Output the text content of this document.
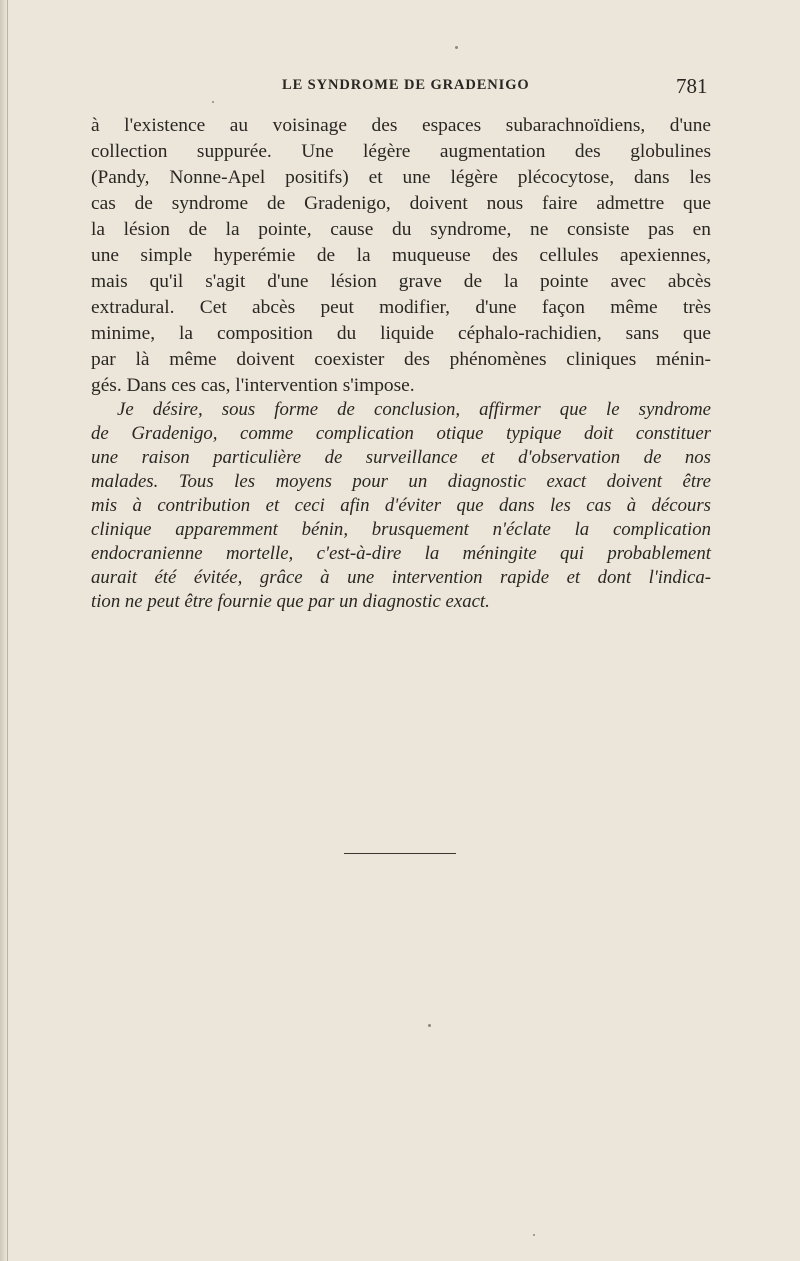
LE SYNDROME DE GRADENIGO	781
à l'existence au voisinage des espaces subarachnoïdiens, d'une
collection suppurée. Une légère augmentation des globulines
(Pandy, Nonne-Apel positifs) et une légère plécocytose, dans les
cas de syndrome de Gradenigo, doivent nous faire admettre que
la lésion de la pointe, cause du syndrome, ne consiste pas en
une simple hyperémie de la muqueuse des cellules apexiennes,
mais qu'il s'agit d'une lésion grave de la pointe avec abcès
extradural. Cet abcès peut modifier, d'une façon même très
minime, la composition du liquide céphalo-rachidien, sans que
par là même doivent coexister des phénomènes cliniques ménin-
gés. Dans ces cas, l'intervention s'impose.
Je désire, sous forme de conclusion, affirmer que le syndrome
de Gradenigo, comme complication otique typique doit constituer
une raison particulière de surveillance et d'observation de nos
malades. Tous les moyens pour un diagnostic exact doivent être
mis à contribution et ceci afin d'éviter que dans les cas à décours
clinique apparemment bénin, brusquement n'éclate la complication
endocranienne mortelle, c'est-à-dire la méningite qui probablement
aurait été évitée, grâce à une intervention rapide et dont l'indica-
tion ne peut être fournie que par un diagnostic exact.
